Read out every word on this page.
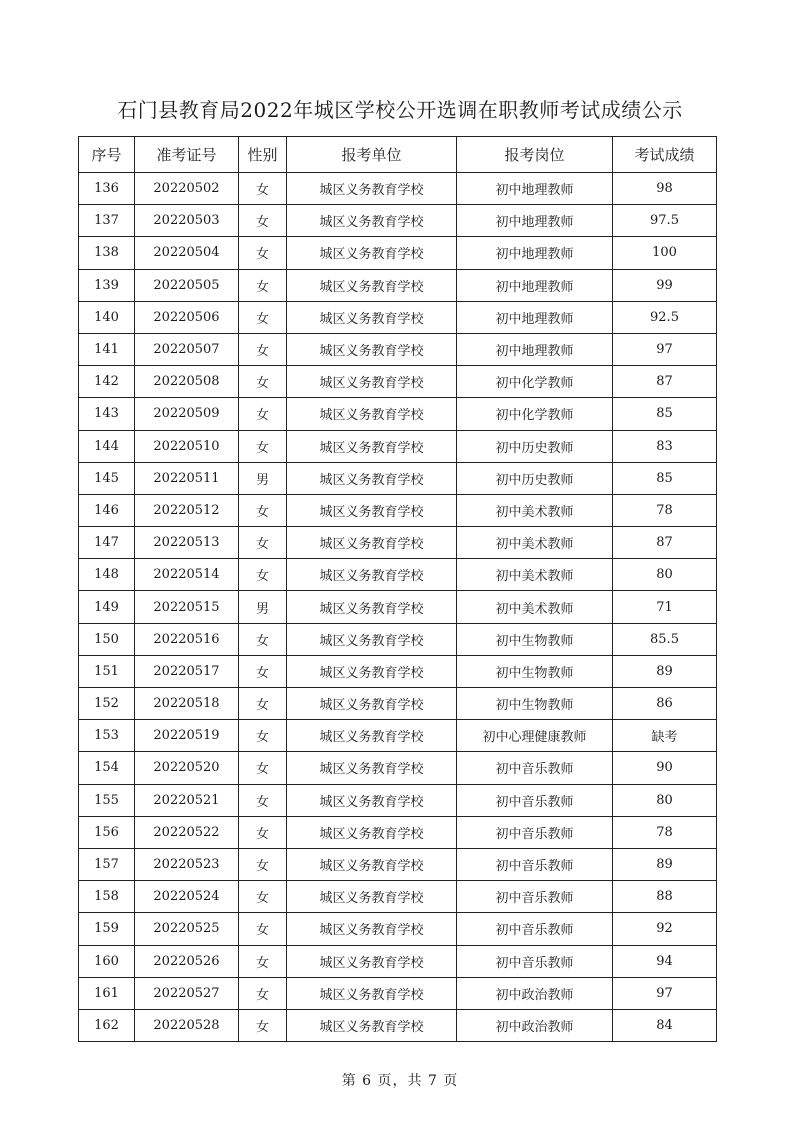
石门县教育局2022年城区学校公开选调在职教师考试成绩公示
序号	准考证号	性别	报考单位	报考岗位	考试成绩
136	20220502	女	城区义务教育学校	初中地理教师	98
137	20220503	女	城区义务教育学校	初中地理教师	97.5
138	20220504	女	城区义务教育学校	初中地理教师	100
139	20220505	女	城区义务教育学校	初中地理教师	99
140	20220506	女	城区义务教育学校	初中地理教师	92.5
141	20220507	女	城区义务教育学校	初中地理教师	97
142	20220508	女	城区义务教育学校	初中化学教师	87
143	20220509	女	城区义务教育学校	初中化学教师	85
144	20220510	女	城区义务教育学校	初中历史教师	83
145	20220511	男	城区义务教育学校	初中历史教师	85
146	20220512	女	城区义务教育学校	初中美术教师	78
147	20220513	女	城区义务教育学校	初中美术教师	87
148	20220514	女	城区义务教育学校	初中美术教师	80
149	20220515	男	城区义务教育学校	初中美术教师	71
150	20220516	女	城区义务教育学校	初中生物教师	85.5
151	20220517	女	城区义务教育学校	初中生物教师	89
152	20220518	女	城区义务教育学校	初中生物教师	86
153	20220519	女	城区义务教育学校	初中心理健康教师	缺考
154	20220520	女	城区义务教育学校	初中音乐教师	90
155	20220521	女	城区义务教育学校	初中音乐教师	80
156	20220522	女	城区义务教育学校	初中音乐教师	78
157	20220523	女	城区义务教育学校	初中音乐教师	89
158	20220524	女	城区义务教育学校	初中音乐教师	88
159	20220525	女	城区义务教育学校	初中音乐教师	92
160	20220526	女	城区义务教育学校	初中音乐教师	94
161	20220527	女	城区义务教育学校	初中政治教师	97
162	20220528	女	城区义务教育学校	初中政治教师	84
第 6 页，共 7 页
